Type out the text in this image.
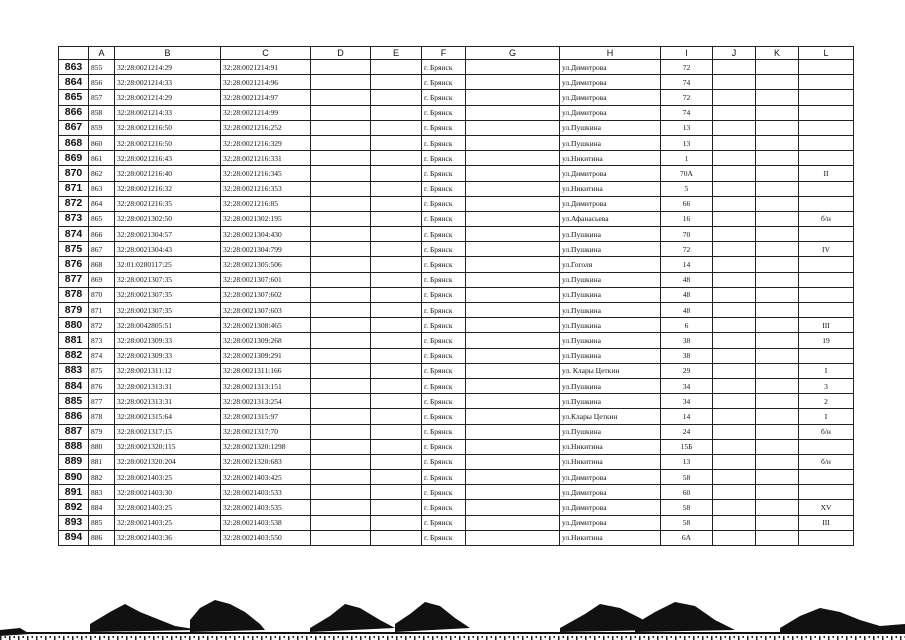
	A	B	C	D	E	F	G	H	I	J	K	L
863	855	32:28:0021214:29	32:28:0021214:91			г. Брянск		ул.Димитрова	72			
864	856	32:28:0021214:33	32:28:0021214:96			г. Брянск		ул.Димитрова	74			
865	857	32:28:0021214:29	32:28:0021214:97			г. Брянск		ул.Димитрова	72			
866	858	32:28:0021214:33	32:28:0021214:99			г. Брянск		ул.Димитрова	74			
867	859	32:28:0021216:50	32:28:0021216:252			г. Брянск		ул.Пушкина	13			
868	860	32:28:0021216:50	32:28:0021216:329			г. Брянск		ул.Пушкина	13			
869	861	32:28:0021216:43	32:28:0021216:331			г. Брянск		ул.Никитина	1			
870	862	32:28:0021216:40	32:28:0021216:345			г. Брянск		ул.Димитрова	70А			II
871	863	32:28:0021216:32	32:28:0021216:353			г. Брянск		ул.Никитина	5			
872	864	32:28:0021216:35	32:28:0021216:85			г. Брянск		ул.Димитрова	66			
873	865	32:28:0021302:50	32:28:0021302:195			г. Брянск		ул.Афанасьева	16			б/н
874	866	32:28:0021304:57	32:28:0021304:430			г. Брянск		ул.Пушкина	70			
875	867	32:28:0021304:43	32:28:0021304:799			г. Брянск		ул.Пушкина	72			IV
876	868	32:01:0280117:25	32:28:0021305:506			г. Брянск		ул.Гоголя	14			
877	869	32:28:0021307:35	32:28:0021307:601			г. Брянск		ул.Пушкина	48			
878	870	32:28:0021307:35	32:28:0021307:602			г. Брянск		ул.Пушкина	48			
879	871	32:28:0021307:35	32:28:0021307:603			г. Брянск		ул.Пушкина	48			
880	872	32:28:0042805:51	32:28:0021308:465			г. Брянск		ул.Пушкина	6			III
881	873	32:28:0021309:33	32:28:0021309:268			г. Брянск		ул.Пушкина	38			19
882	874	32:28:0021309:33	32:28:0021309:291			г. Брянск		ул.Пушкина	38			
883	875	32:28:0021311:12	32:28:0021311:166			г. Брянск		ул. Клары Цеткин	29			I
884	876	32:28:0021313:31	32:28:0021313:151			г. Брянск		ул.Пушкина	34			3
885	877	32:28:0021313:31	32:28:0021313:254			г. Брянск		ул.Пушкина	34			2
886	878	32:28:0021315:64	32:28:0021315:97			г. Брянск		ул.Клары Цеткин	14			I
887	879	32:28:0021317:15	32:28:0021317:70			г. Брянск		ул.Пушкина	24			б/н
888	880	32:28:0021320:115	32:28:0021320:1298			г. Брянск		ул.Никитина	15Б			
889	881	32:28:0021320:204	32:28:0021320:683			г. Брянск		ул.Никитина	13			б/н
890	882	32:28:0021403:25	32:28:0021403:425			г. Брянск		ул.Димитрова	58			
891	883	32:28:0021403:30	32:28:0021403:533			г. Брянск		ул.Димитрова	60			
892	884	32:28:0021403:25	32:28:0021403:535			г. Брянск		ул.Димитрова	58			XV
893	885	32:28:0021403:25	32:28:0021403:538			г. Брянск		ул.Димитрова	58			III
894	886	32:28:0021403:36	32:28:0021403:550			г. Брянск		ул.Никитина	6А			
